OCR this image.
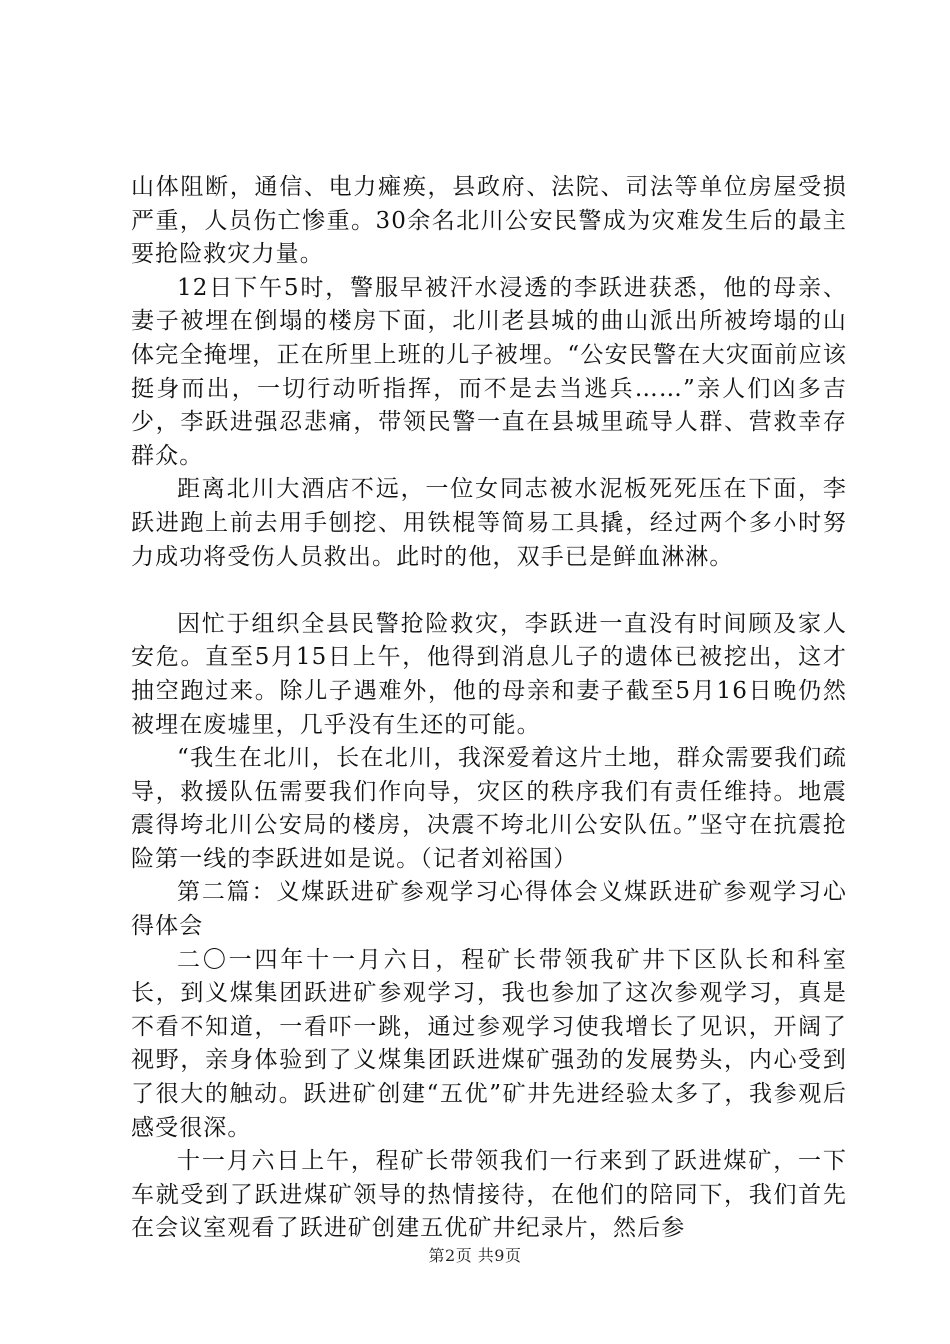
山体阻断，通信、电力瘫痪，县政府、法院、司法等单位房屋受损严重，人员伤亡惨重。30余名北川公安民警成为灾难发生后的最主要抢险救灾力量。

12日下午5时，警服早被汗水浸透的李跃进获悉，他的母亲、妻子被埋在倒塌的楼房下面，北川老县城的曲山派出所被垮塌的山体完全掩埋，正在所里上班的儿子被埋。“公安民警在大灾面前应该挺身而出，一切行动听指挥，而不是去当逃兵……”亲人们凶多吉少，李跃进强忍悲痛，带领民警一直在县城里疏导人群、营救幸存群众。

距离北川大酒店不远，一位女同志被水泥板死死压在下面，李跃进跑上前去用手刨挖、用铁棍等简易工具撬，经过两个多小时努力成功将受伤人员救出。此时的他，双手已是鲜血淋淋。

因忙于组织全县民警抢险救灾，李跃进一直没有时间顾及家人安危。直至5月15日上午，他得到消息儿子的遗体已被挖出，这才抽空跑过来。除儿子遇难外，他的母亲和妻子截至5月16日晚仍然被埋在废墟里，几乎没有生还的可能。

“我生在北川，长在北川，我深爱着这片土地，群众需要我们疏导，救援队伍需要我们作向导，灾区的秩序我们有责任维持。地震震得垮北川公安局的楼房，决震不垮北川公安队伍。”坚守在抗震抢险第一线的李跃进如是说。（记者刘裕国）

第二篇：义煤跃进矿参观学习心得体会义煤跃进矿参观学习心得体会

二〇一四年十一月六日，程矿长带领我矿井下区队长和科室长，到义煤集团跃进矿参观学习，我也参加了这次参观学习，真是不看不知道，一看吓一跳，通过参观学习使我增长了见识，开阔了视野，亲身体验到了义煤集团跃进煤矿强劲的发展势头，内心受到了很大的触动。跃进矿创建“五优”矿井先进经验太多了，我参观后感受很深。

十一月六日上午，程矿长带领我们一行来到了跃进煤矿，一下车就受到了跃进煤矿领导的热情接待，在他们的陪同下，我们首先在会议室观看了跃进矿创建五优矿井纪录片，然后参

第2页 共9页
